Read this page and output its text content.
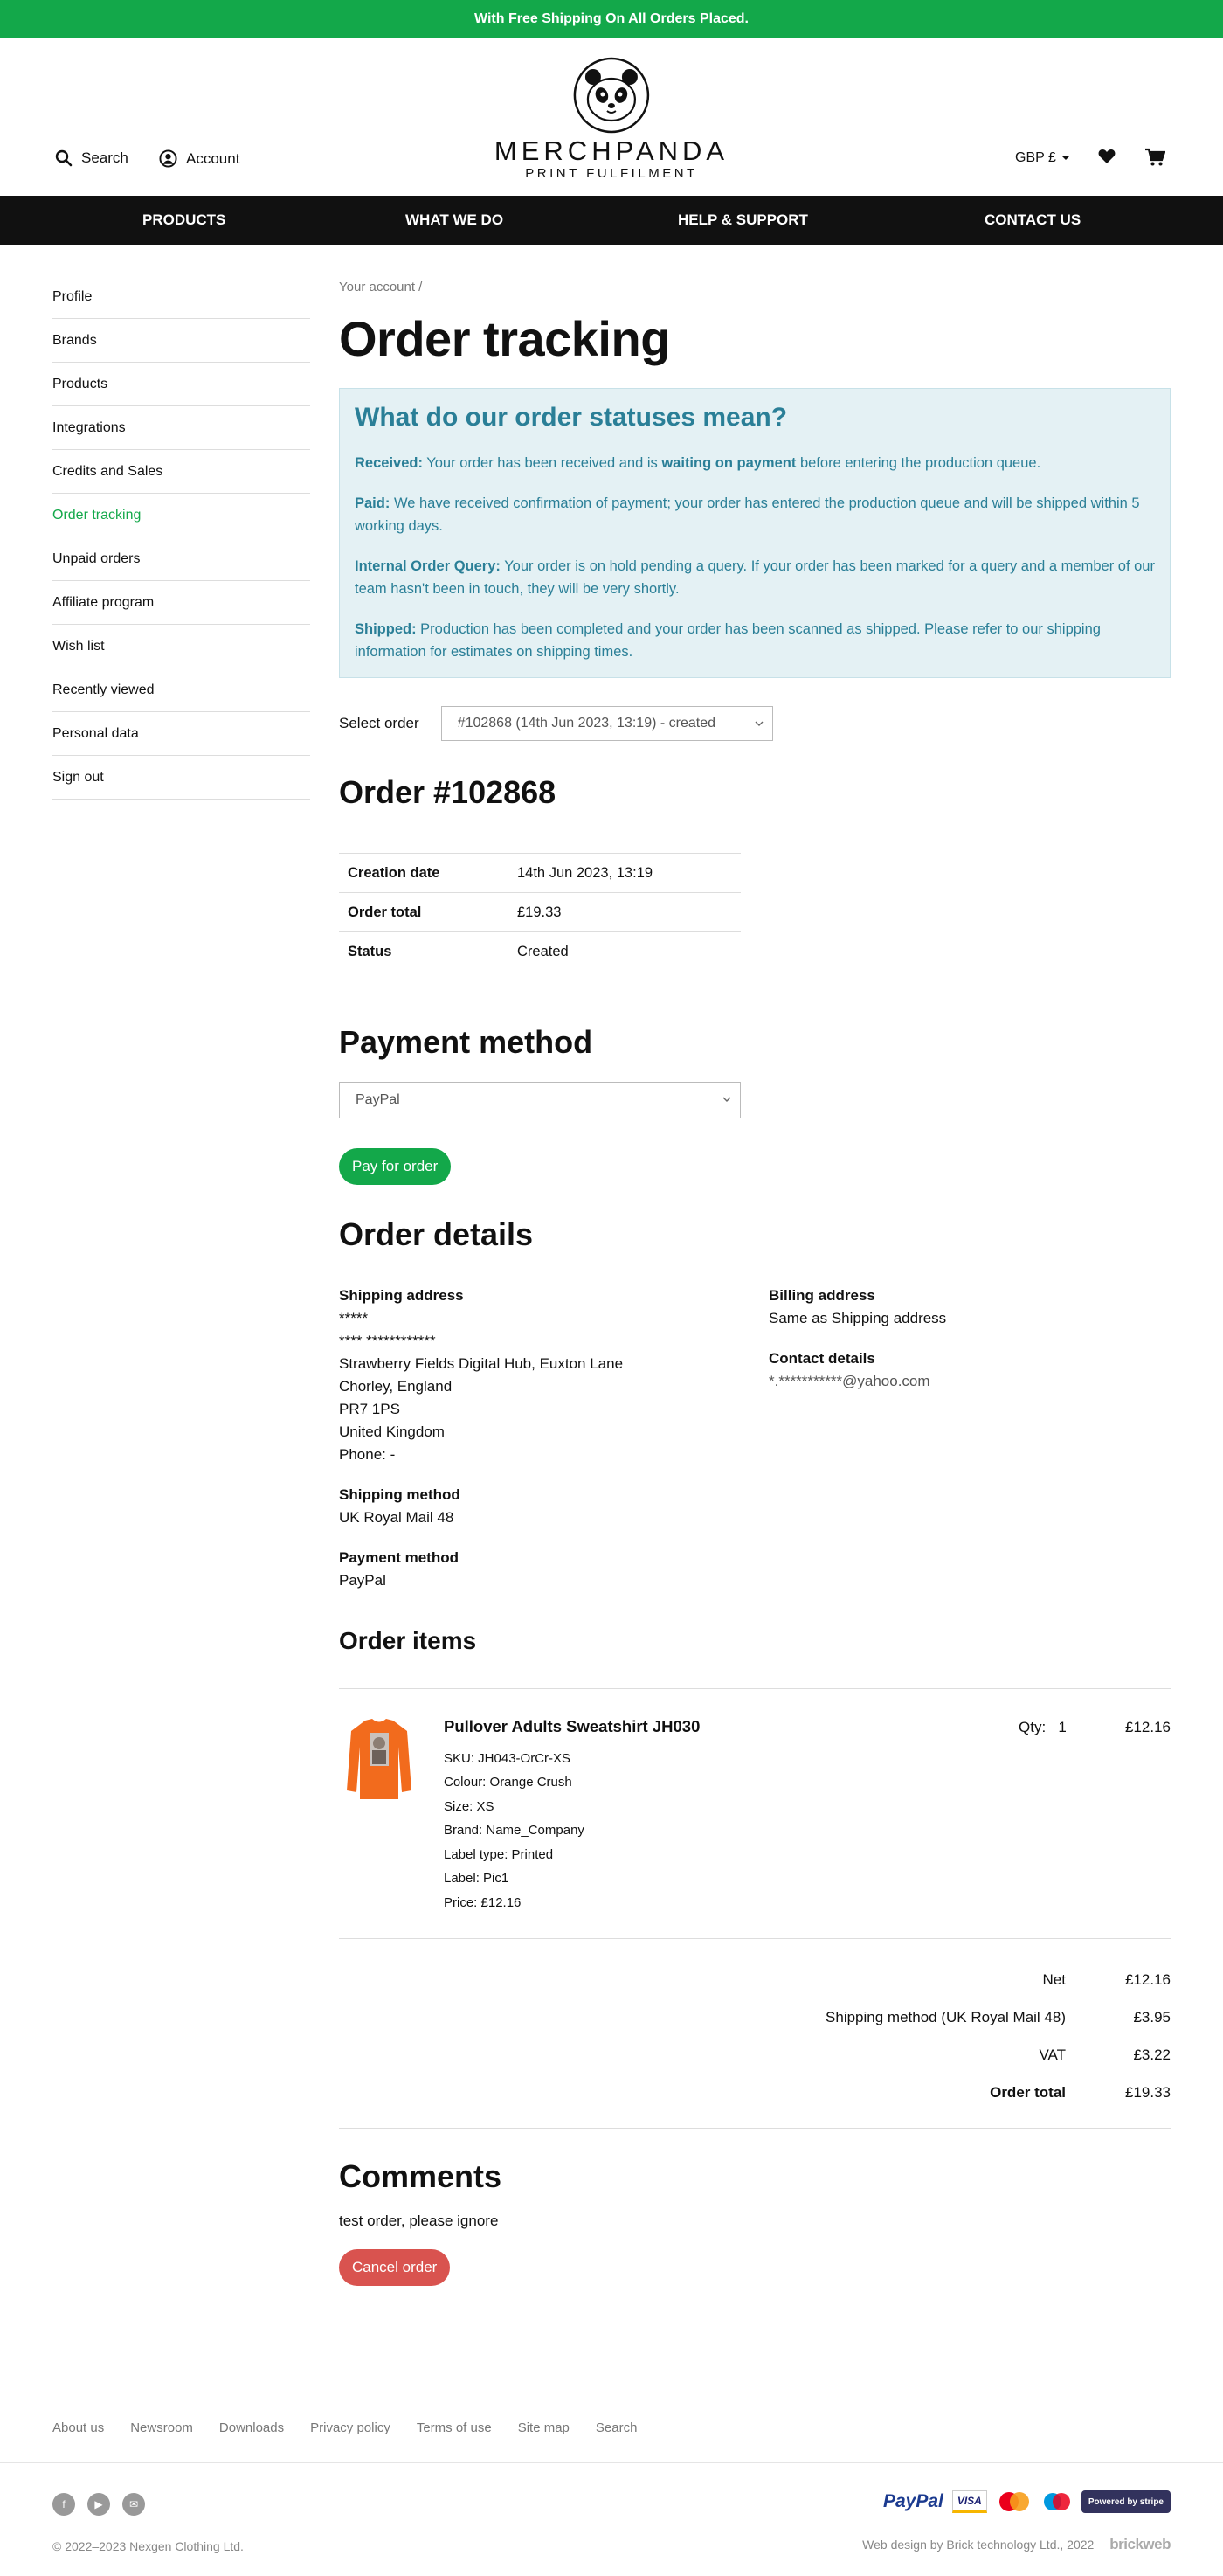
With Free Shipping On All Orders Placed.
Search	Account	MERCHPANDA
PRINT FULFILMENT
GBP £
PRODUCTS	WHAT WE DO	HELP & SUPPORT	CONTACT US
Profile
Brands
Products
Integrations
Credits and Sales
Order tracking
Unpaid orders
Affiliate program
Wish list
Recently viewed
Personal data
Sign out
Your account /
Order tracking
What do our order statuses mean?

Received: Your order has been received and is waiting on payment before entering the production queue.

Paid: We have received confirmation of payment; your order has entered the production queue and will be shipped within 5 working days.

Internal Order Query: Your order is on hold pending a query. If your order has been marked for a query and a member of our team hasn't been in touch, they will be very shortly.

Shipped: Production has been completed and your order has been scanned as shipped. Please refer to our shipping information for estimates on shipping times.

Select order	#102868 (14th Jun 2023, 13:19) - created
Order #102868
Creation date	14th Jun 2023, 13:19
Order total	£19.33
Status	Created
Payment method
PayPal
Pay for order
Order details
Shipping address
*****
**** ************
Strawberry Fields Digital Hub, Euxton Lane
Chorley, England
PR7 1PS
United Kingdom
Phone: -
Shipping method
UK Royal Mail 48
Payment method
PayPal
Billing address
Same as Shipping address
Contact details
*.***********@yahoo.com
Order items
Pullover Adults Sweatshirt JH030
SKU: JH043-OrCr-XS
Colour: Orange Crush
Size: XS
Brand: Name_Company
Label type: Printed
Label: Pic1
Price: £12.16
Qty: 1	£12.16
Net	£12.16
Shipping method (UK Royal Mail 48)	£3.95
VAT	£3.22
Order total	£19.33
Comments
test order, please ignore
Cancel order
About us Newsroom Downloads Privacy policy Terms of use Site map Search
f	▶	✉	PayPal	VISA	Powered by stripe
© 2022–2023 Nexgen Clothing Ltd.	Web design by Brick technology Ltd., 2022 brickweb
